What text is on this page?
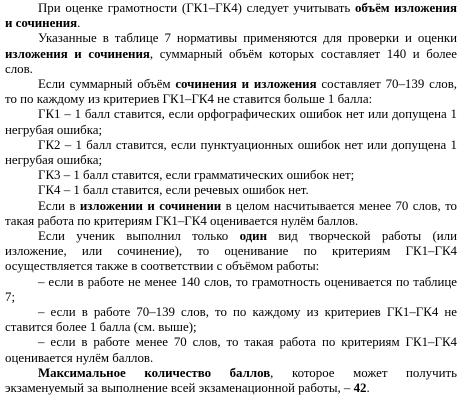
При оценке грамотности (ГК1–ГК4) следует учитывать объём изложения и сочинения.

Указанные в таблице 7 нормативы применяются для проверки и оценки изложения и сочинения, суммарный объём которых составляет 140 и более слов.

Если суммарный объём сочинения и изложения составляет 70–139 слов, то по каждому из критериев ГК1–ГК4 не ставится больше 1 балла:

ГК1 – 1 балл ставится, если орфографических ошибок нет или допущена 1 негрубая ошибка;

ГК2 – 1 балл ставится, если пунктуационных ошибок нет или допущена 1 негрубая ошибка;

ГК3 – 1 балл ставится, если грамматических ошибок нет;

ГК4 – 1 балл ставится, если речевых ошибок нет.

Если в изложении и сочинении в целом насчитывается менее 70 слов, то такая работа по критериям ГК1–ГК4 оценивается нулём баллов.

Если ученик выполнил только один вид творческой работы (или изложение, или сочинение), то оценивание по критериям ГК1–ГК4 осуществляется также в соответствии с объёмом работы:

– если в работе не менее 140 слов, то грамотность оценивается по таблице 7;

– если в работе 70–139 слов, то по каждому из критериев ГК1–ГК4 не ставится более 1 балла (см. выше);

– если в работе менее 70 слов, то такая работа по критериям ГК1–ГК4 оценивается нулём баллов.

Максимальное количество баллов, которое может получить экзаменуемый за выполнение всей экзаменационной работы, – 42.
